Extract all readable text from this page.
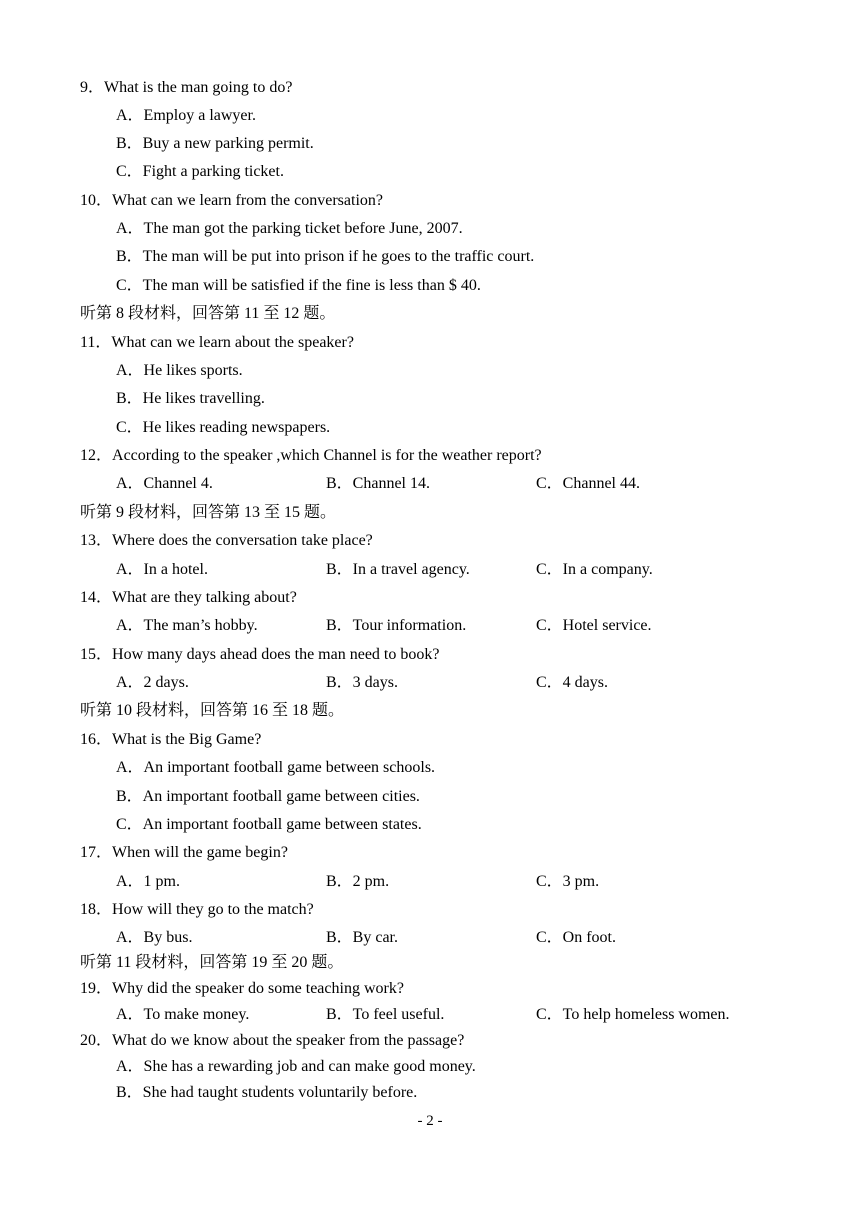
9．What is the man going to do?
A．Employ a lawyer.
B．Buy a new parking permit.
C．Fight a parking ticket.
10．What can we learn from the conversation?
A．The man got the parking ticket before June, 2007.
B．The man will be put into prison if he goes to the traffic court.
C．The man will be satisfied if the fine is less than $ 40.
听第 8 段材料，回答第 11 至 12 题。
11．What can we learn about the speaker?
A．He likes sports.
B．He likes travelling.
C．He likes reading newspapers.
12．According to the speaker ,which Channel is for the weather report?
A．Channel 4.	B．Channel 14.	C．Channel 44.
听第 9 段材料，回答第 13 至 15 题。
13．Where does the conversation take place?
A．In a hotel.	B．In a travel agency.	C．In a company.
14．What are they talking about?
A．The man’s hobby.	B．Tour information.	C．Hotel service.
15．How many days ahead does the man need to book?
A．2 days.	B．3 days.	C．4 days.
听第 10 段材料，回答第 16 至 18 题。
16．What is the Big Game?
A．An important football game between schools.
B．An important football game between cities.
C．An important football game between states.
17．When will the game begin?
A．1 pm.	B．2 pm.	C．3 pm.
18．How will they go to the match?
A．By bus.	B．By car.	C．On foot.
听第 11 段材料，回答第 19 至 20 题。
19．Why did the speaker do some teaching work?
A．To make money.	B．To feel useful.	C．To help homeless women.
20．What do we know about the speaker from the passage?
A．She has a rewarding job and can make good money.
B．She had taught students voluntarily before.
- 2 -
